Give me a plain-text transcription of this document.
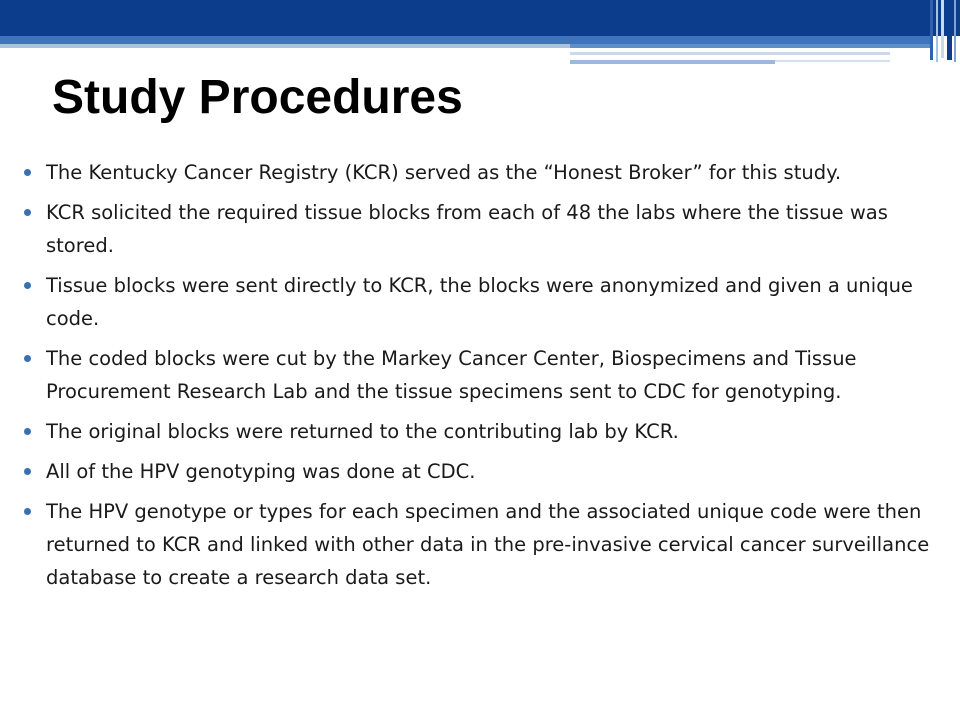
Study Procedures
The Kentucky Cancer Registry (KCR) served as the “Honest Broker” for this study.
KCR solicited the required tissue blocks from each of 48 the labs where the tissue was stored.
Tissue blocks were sent directly to KCR, the blocks were anonymized and given a unique code.
The coded blocks were cut by the Markey Cancer Center, Biospecimens and Tissue Procurement Research Lab and the tissue specimens sent to CDC for genotyping.
The original blocks were returned to the contributing lab by KCR.
All of the HPV genotyping was done at CDC.
The HPV genotype or types for each specimen and the associated unique code were then returned to KCR and linked with other data in the pre-invasive cervical cancer surveillance database to create a research data set.
